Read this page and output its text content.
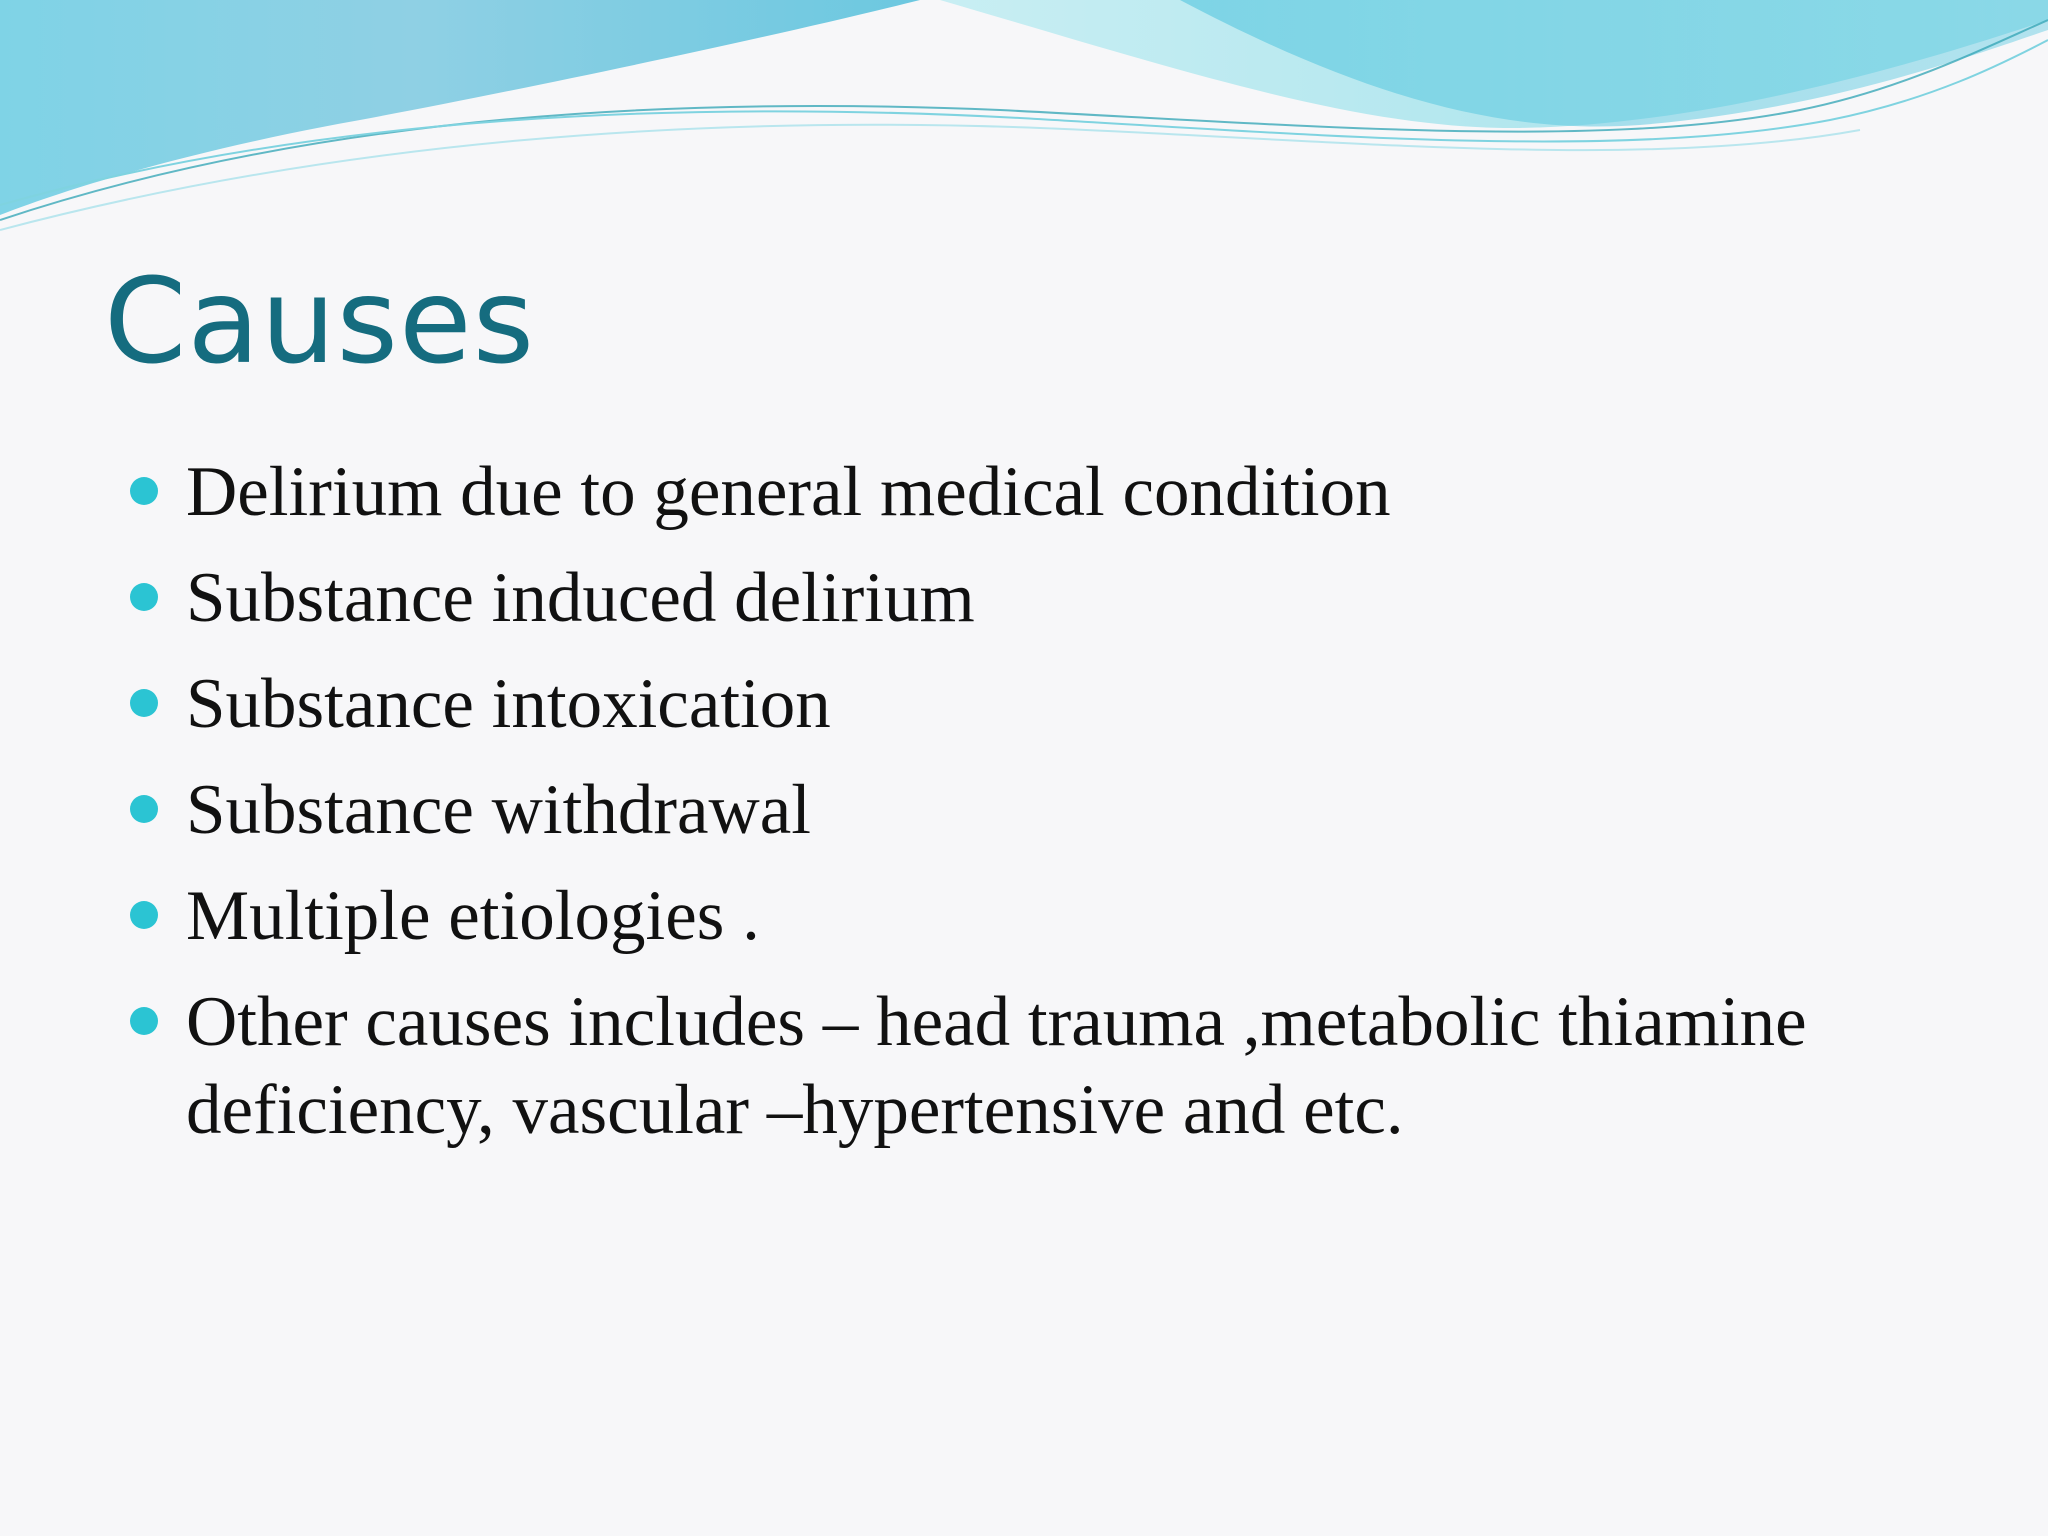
Causes
Delirium due to general medical condition
Substance induced delirium
Substance intoxication
Substance withdrawal
Multiple etiologies .
Other causes includes – head trauma ,metabolic thiamine deficiency, vascular –hypertensive and etc.
